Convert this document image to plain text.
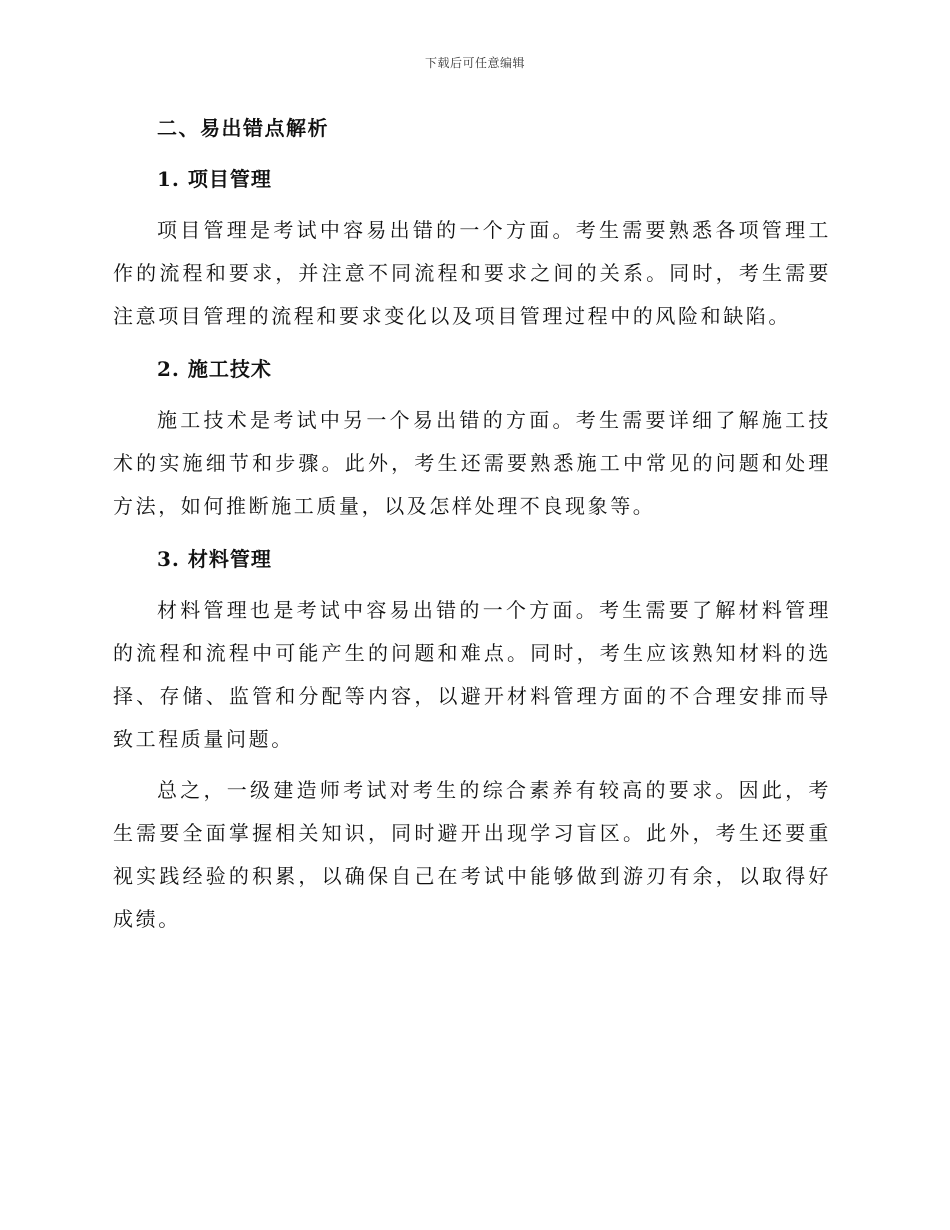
下载后可任意编辑
二、易出错点解析
1. 项目管理

项目管理是考试中容易出错的一个方面。考生需要熟悉各项管理工作的流程和要求，并注意不同流程和要求之间的关系。同时，考生需要注意项目管理的流程和要求变化以及项目管理过程中的风险和缺陷。

2. 施工技术

施工技术是考试中另一个易出错的方面。考生需要详细了解施工技术的实施细节和步骤。此外，考生还需要熟悉施工中常见的问题和处理方法，如何推断施工质量，以及怎样处理不良现象等。

3. 材料管理

材料管理也是考试中容易出错的一个方面。考生需要了解材料管理的流程和流程中可能产生的问题和难点。同时，考生应该熟知材料的选择、存储、监管和分配等内容，以避开材料管理方面的不合理安排而导致工程质量问题。

总之，一级建造师考试对考生的综合素养有较高的要求。因此，考生需要全面掌握相关知识，同时避开出现学习盲区。此外，考生还要重视实践经验的积累，以确保自己在考试中能够做到游刃有余，以取得好成绩。
